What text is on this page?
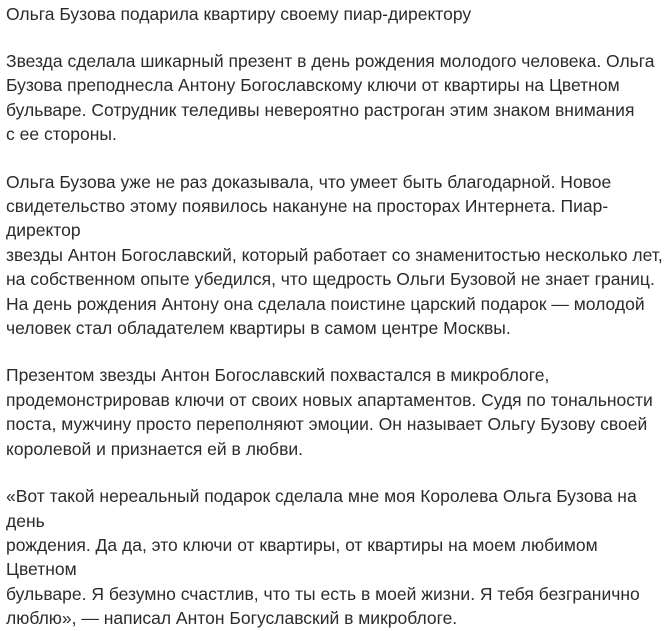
Ольга Бузова подарила квартиру своему пиар-директору

Звезда сделала шикарный презент в день рождения молодого человека. Ольга
Бузова преподнесла Антону Богославскому ключи от квартиры на Цветном
бульваре. Сотрудник теледивы невероятно растроган этим знаком внимания
с ее стороны.

Ольга Бузова уже не раз доказывала, что умеет быть благодарной. Новое
свидетельство этому появилось накануне на просторах Интернета. Пиар-директор
звезды Антон Богославский, который работает со знаменитостью несколько лет,
на собственном опыте убедился, что щедрость Ольги Бузовой не знает границ.
На день рождения Антону она сделала поистине царский подарок — молодой
человек стал обладателем квартиры в самом центре Москвы.

Презентом звезды Антон Богославский похвастался в микроблоге,
продемонстрировав ключи от своих новых апартаментов. Судя по тональности
поста, мужчину просто переполняют эмоции. Он называет Ольгу Бузову своей
королевой и признается ей в любви.

«Вот такой нереальный подарок сделала мне моя Королева Ольга Бузова на день
рождения. Да да, это ключи от квартиры, от квартиры на моем любимом Цветном
бульваре. Я безумно счастлив, что ты есть в моей жизни. Я тебя безгранично
люблю», — написал Антон Богуславский в микроблоге.
